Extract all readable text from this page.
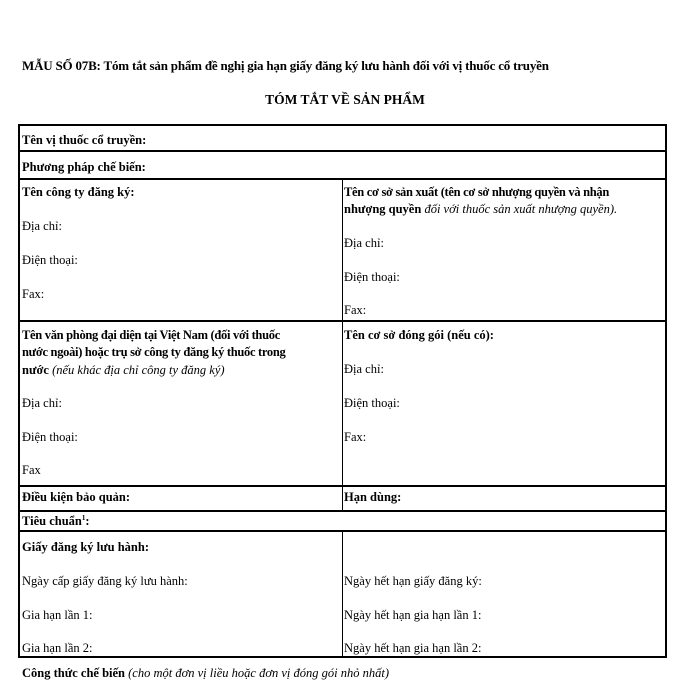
MẪU SỐ 07B: Tóm tắt sản phẩm đề nghị gia hạn giấy đăng ký lưu hành đối với vị thuốc cổ truyền
TÓM TẮT VỀ SẢN PHẨM
Tên vị thuốc cổ truyền:
Phương pháp chế biến:
Tên công ty đăng ký:
Địa chỉ:
Điện thoại:
Fax:
Tên cơ sở sản xuất (tên cơ sở nhượng quyền và nhận
nhượng quyền đối với thuốc sản xuất nhượng quyền).
Địa chỉ:
Điện thoại:
Fax:
Tên văn phòng đại diện tại Việt Nam (đối với thuốc
nước ngoài) hoặc trụ sở công ty đăng ký thuốc trong
nước (nếu khác địa chỉ công ty đăng ký)
Địa chỉ:
Điện thoại:
Fax
Tên cơ sở đóng gói (nếu có):
Địa chỉ:
Điện thoại:
Fax:
Điều kiện bảo quản:	Hạn dùng:
Tiêu chuẩn$^1$:
Giấy đăng ký lưu hành:
Ngày cấp giấy đăng ký lưu hành:
Gia hạn lần 1:
Gia hạn lần 2:
Ngày hết hạn giấy đăng ký:
Ngày hết hạn gia hạn lần 1:
Ngày hết hạn gia hạn lần 2:
Công thức chế biến (cho một đơn vị liều hoặc đơn vị đóng gói nhỏ nhất)
